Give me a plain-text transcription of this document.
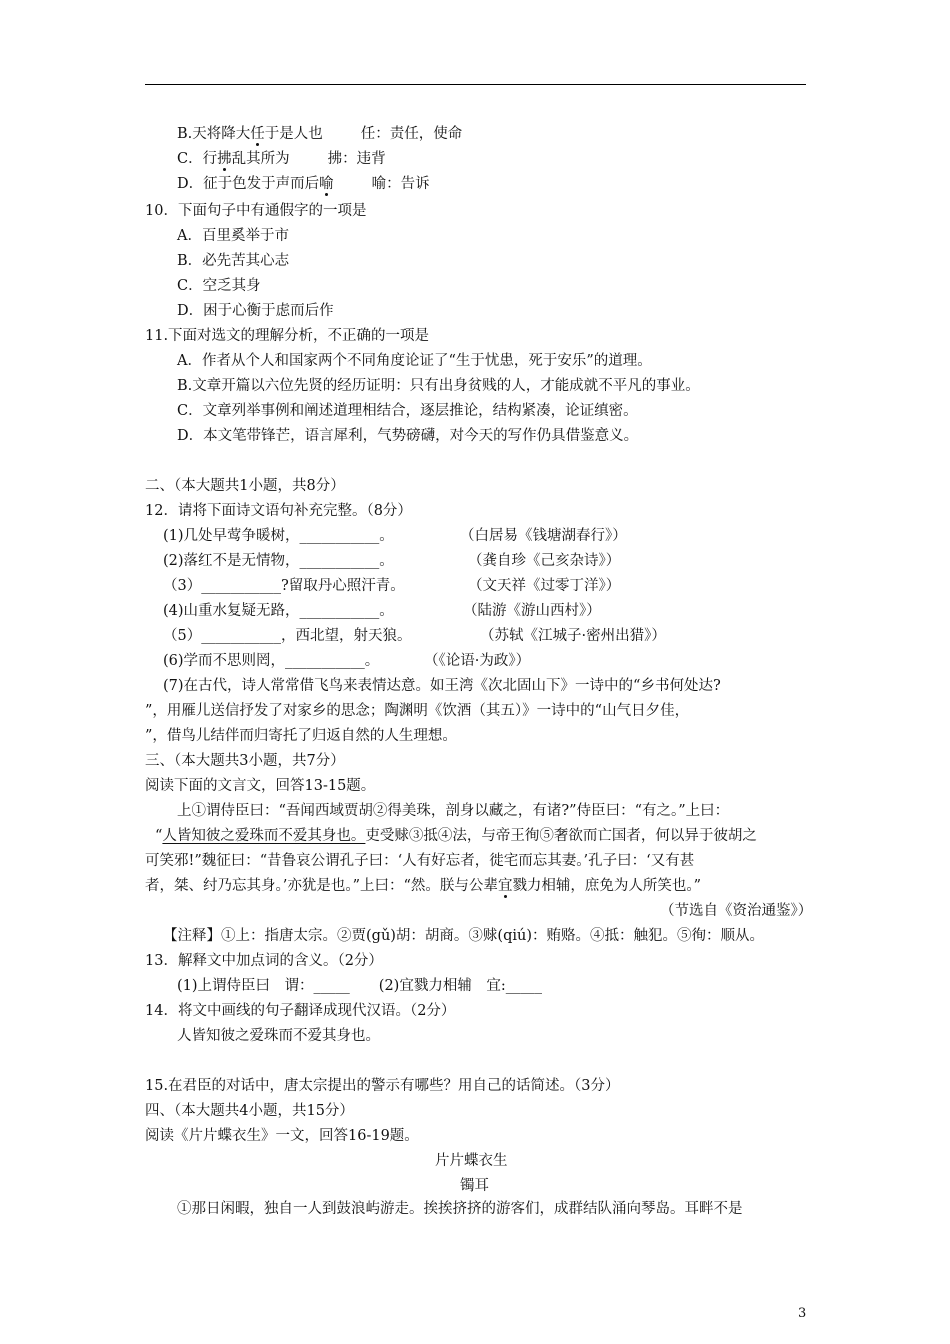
B.天将降大任于是人也	任：责任，使命
C．行拂乱其所为	拂：违背
D．征于色发于声而后喻	喻：告诉
10．下面句子中有通假字的一项是
A．百里奚举于市
B．必先苦其心志
C．空乏其身
D．困于心衡于虑而后作
11.下面对选文的理解分析，不正确的一项是
A．作者从个人和国家两个不同角度论证了“生于忧患，死于安乐”的道理。
B.文章开篇以六位先贤的经历证明：只有出身贫贱的人，才能成就不平凡的事业。
C．文章列举事例和阐述道理相结合，逐层推论，结构紧凑，论证缜密。
D．本文笔带锋芒，语言犀利，气势磅礴，对今天的写作仍具借鉴意义。
二、（本大题共1小题，共8分）
12．请将下面诗文语句补充完整。（8分）
(1)几处早莺争暖树，___________。	（白居易《钱塘湖春行》）
(2)落红不是无情物，___________。	（龚自珍《己亥杂诗》）
（3）___________?留取丹心照汗青。	（文天祥《过零丁洋》）
(4)山重水复疑无路，___________。	（陆游《游山西村》）
（5）___________，西北望，射天狼。	（苏轼《江城子·密州出猎》）
(6)学而不思则罔，___________。	（《论语·为政》）
(7)在古代，诗人常常借飞鸟来表情达意。如王湾《次北固山下》一诗中的“乡书何处达?
”，用雁儿送信抒发了对家乡的思念；陶渊明《饮酒（其五）》一诗中的“山气日夕佳，
”，借鸟儿结伴而归寄托了归返自然的人生理想。
三、（本大题共3小题，共7分）
阅读下面的文言文，回答13-15题。
上①谓侍臣曰：“吾闻西域贾胡②得美珠，剖身以藏之，有诸?”侍臣曰：“有之。”上曰：
“人皆知彼之爱珠而不爱其身也。吏受赇③抵④法，与帝王徇⑤奢欲而亡国者，何以异于彼胡之
可笑邪!”魏征曰：“昔鲁哀公谓孔子曰：‘人有好忘者，徙宅而忘其妻。’孔子曰：‘又有甚
者，桀、纣乃忘其身。’亦犹是也。”上曰：“然。朕与公辈宜戮力相辅，庶免为人所笑也。”
（节选自《资治通鉴》）
【注释】①上：指唐太宗。②贾(gǔ)胡：胡商。③赇(qiú)：贿赂。④抵：触犯。⑤徇：顺从。
13．解释文中加点词的含义。（2分）
(1)上谓侍臣曰　谓：_____　　(2)宜戮力相辅　宜:_____
14．将文中画线的句子翻译成现代汉语。（2分）
人皆知彼之爱珠而不爱其身也。
15.在君臣的对话中，唐太宗提出的警示有哪些？用自己的话简述。（3分）
四、（本大题共4小题，共15分）
阅读《片片蝶衣生》一文，回答16-19题。
片片蝶衣生
镯耳
①那日闲暇，独自一人到鼓浪屿游走。挨挨挤挤的游客们，成群结队涌向琴岛。耳畔不是
3
